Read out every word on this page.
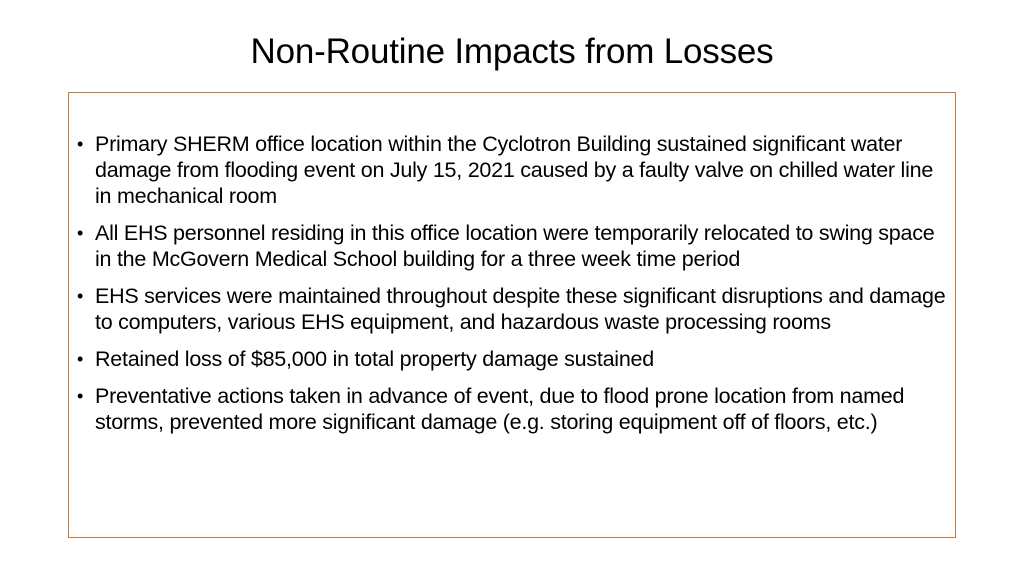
Non-Routine Impacts from Losses
• Primary SHERM office location within the Cyclotron Building sustained significant water damage from flooding event on July 15, 2021 caused by a faulty valve on chilled water line in mechanical room
• All EHS personnel residing in this office location were temporarily relocated to swing space in the McGovern Medical School building for a three week time period
• EHS services were maintained throughout despite these significant disruptions and damage to computers, various EHS equipment, and hazardous waste processing rooms
• Retained loss of $85,000 in total property damage sustained
• Preventative actions taken in advance of event, due to flood prone location from named storms, prevented more significant damage (e.g. storing equipment off of floors, etc.)
